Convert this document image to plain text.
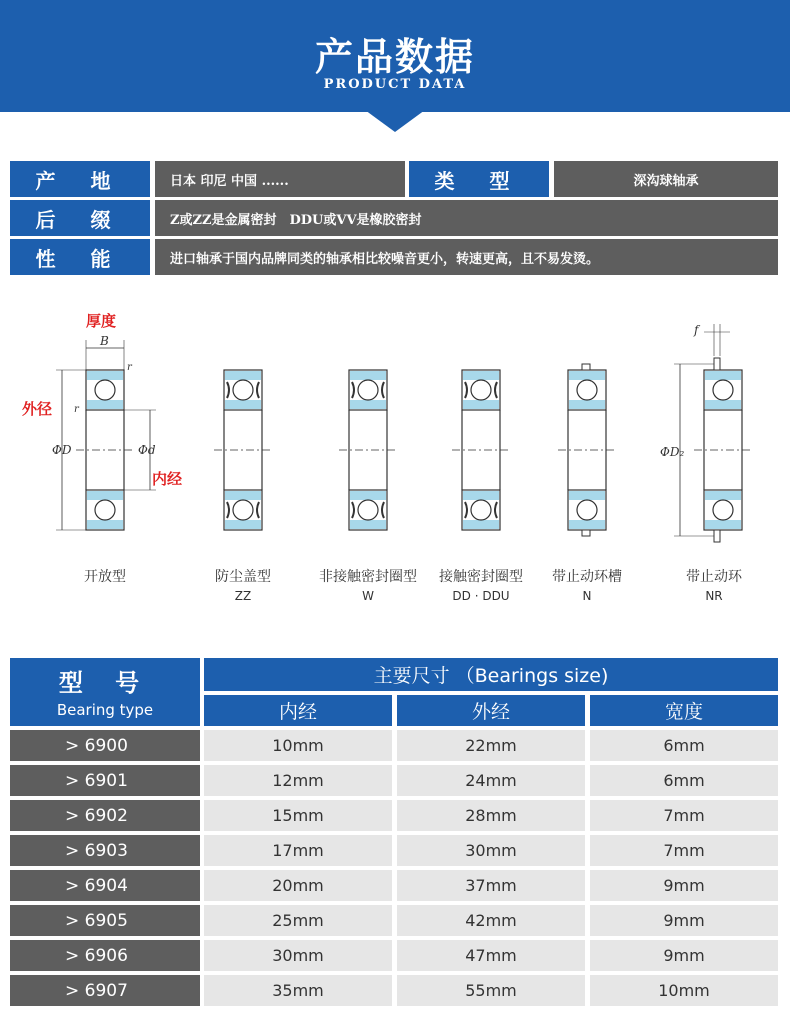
产品数据
PRODUCT DATA
产 地	日本 印尼 中国 ......	类 型	深沟球轴承
后 缀	Z或ZZ是金属密封　DDU或VV是橡胶密封
性 能	进口轴承于国内品牌同类的轴承相比较噪音更小，转速更高，且不易发烫。
B
r
r
ΦD	Φd
f
ΦD₂
厚度
外径
内经
开放型	防尘盖型
ZZ
非接触密封圈型
W
接触密封圈型
DD · DDU
带止动环槽
N
带止动环
NR
型 号
Bearing type
主要尺寸 （Bearings size)
内经	外经	宽度
> 6900	10mm	22mm	6mm
> 6901	12mm	24mm	6mm
> 6902	15mm	28mm	7mm
> 6903	17mm	30mm	7mm
> 6904	20mm	37mm	9mm
> 6905	25mm	42mm	9mm
> 6906	30mm	47mm	9mm
> 6907	35mm	55mm	10mm
